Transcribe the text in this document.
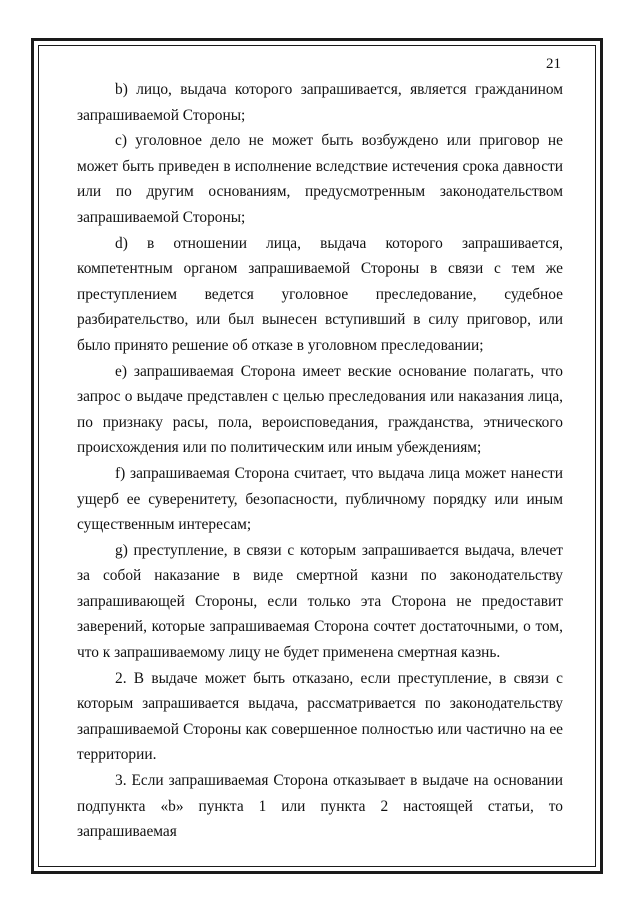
21

b) лицо, выдача которого запрашивается, является гражданином запрашиваемой Стороны;

c) уголовное дело не может быть возбуждено или приговор не может быть приведен в исполнение вследствие истечения срока давности или по другим основаниям, предусмотренным законодательством запрашиваемой Стороны;

d) в отношении лица, выдача которого запрашивается, компетентным органом запрашиваемой Стороны в связи с тем же преступлением ведется уголовное преследование, судебное разбирательство, или был вынесен вступивший в силу приговор, или было принято решение об отказе в уголовном преследовании;

e) запрашиваемая Сторона имеет веские основание полагать, что запрос о выдаче представлен с целью преследования или наказания лица, по признаку расы, пола, вероисповедания, гражданства, этнического происхождения или по политическим или иным убеждениям;

f) запрашиваемая Сторона считает, что выдача лица может нанести ущерб ее суверенитету, безопасности, публичному порядку или иным существенным интересам;

g) преступление, в связи с которым запрашивается выдача, влечет за собой наказание в виде смертной казни по законодательству запрашивающей Стороны, если только эта Сторона не предоставит заверений, которые запрашиваемая Сторона сочтет достаточными, о том, что к запрашиваемому лицу не будет применена смертная казнь.

2. В выдаче может быть отказано, если преступление, в связи с которым запрашивается выдача, рассматривается по законодательству запрашиваемой Стороны как совершенное полностью или частично на ее территории.

3. Если запрашиваемая Сторона отказывает в выдаче на основании подпункта «b» пункта 1 или пункта 2 настоящей статьи, то запрашиваемая
